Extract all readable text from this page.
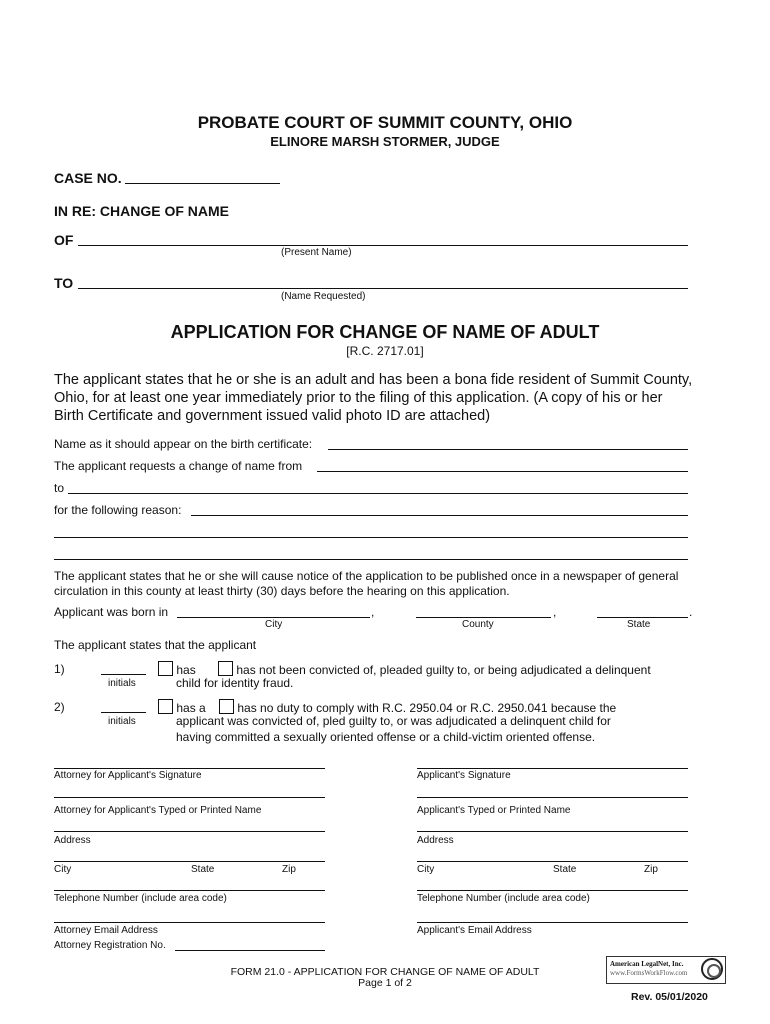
PROBATE COURT OF SUMMIT COUNTY, OHIO
ELINORE MARSH STORMER, JUDGE
CASE NO.
IN RE: CHANGE OF NAME
OF
(Present Name)
TO
(Name Requested)
APPLICATION FOR CHANGE OF NAME OF ADULT
[R.C. 2717.01]
The applicant states that he or she is an adult and has been a bona fide resident of Summit County,
Ohio, for at least one year immediately prior to the filing of this application. (A copy of his or her
Birth Certificate and government issued valid photo ID are attached)
Name as it should appear on the birth certificate:
The applicant requests a change of name from
to
for the following reason:
The applicant states that he or she will cause notice of the application to be published once in a newspaper of general
circulation in this county at least thirty (30) days before the hearing on this application.
Applicant was born in	,	,	.
City	County	State
The applicant states that the applicant
1)
initials
has	has not been convicted of, pleaded guilty to, or being adjudicated a delinquent
child for identity fraud.
2)
initials
has a	has no duty to comply with R.C. 2950.04 or R.C. 2950.041 because the
applicant was convicted of, pled guilty to, or was adjudicated a delinquent child for
having committed a sexually oriented offense or a child-victim oriented offense.
Attorney for Applicant's Signature
Attorney for Applicant's Typed or Printed Name
Address
City	State	Zip
Telephone Number (include area code)
Attorney Email Address
Attorney Registration No.
Applicant's Signature
Applicant's Typed or Printed Name
Address
City	State	Zip
Telephone Number (include area code)
Applicant's Email Address
FORM 21.0 - APPLICATION FOR CHANGE OF NAME OF ADULT
Page 1 of 2
American LegalNet, Inc.
www.FormsWorkFlow.com
Rev. 05/01/2020
